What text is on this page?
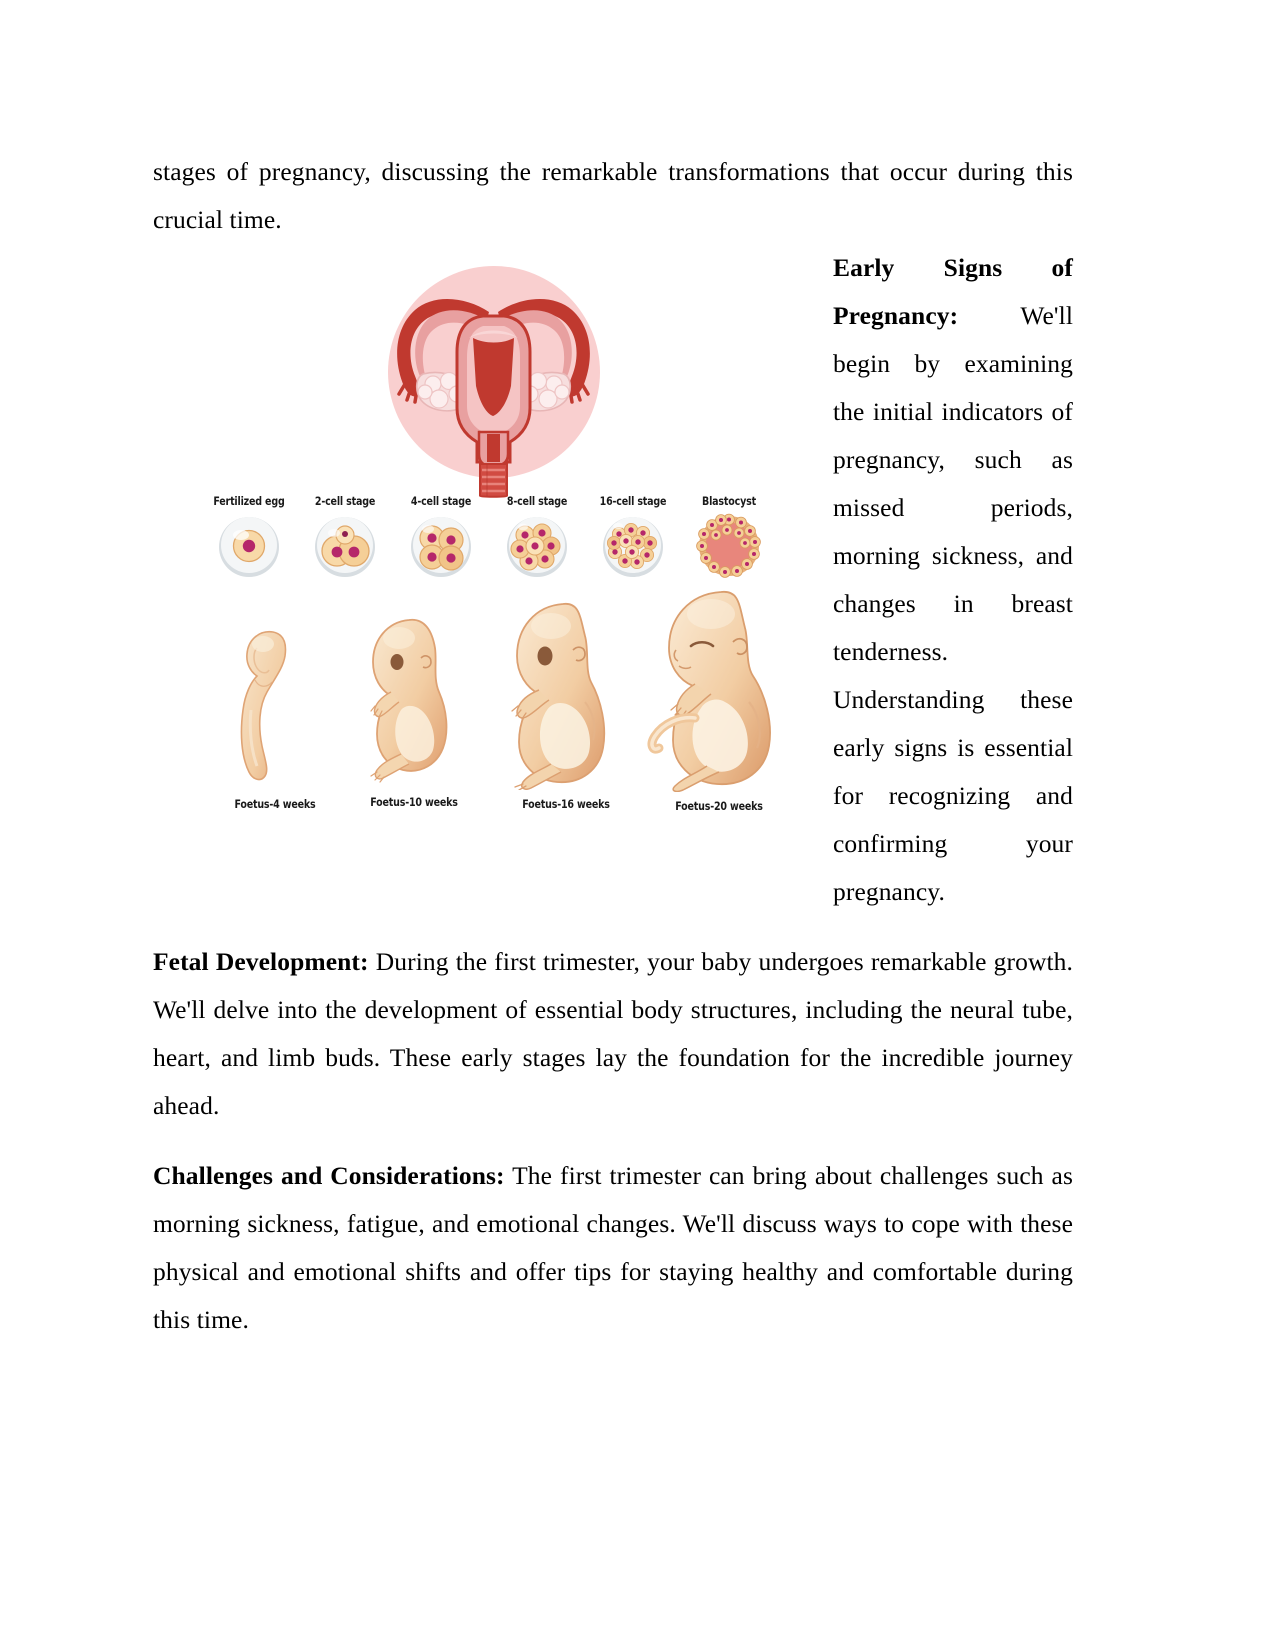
stages of pregnancy, discussing the remarkable transformations that occur during this crucial time.

Fertilized egg	2-cell stage	4-cell stage	8-cell stage	16-cell stage	Blastocyst
Foetus-4 weeks	Foetus-10 weeks	Foetus-16 weeks	Foetus-20 weeks

Early Signs of Pregnancy: We'll begin by examining the initial indicators of pregnancy, such as missed periods, morning sickness, and changes in breast tenderness. Understanding these early signs is essential for recognizing and confirming your pregnancy.

Fetal Development: During the first trimester, your baby undergoes remarkable growth. We'll delve into the development of essential body structures, including the neural tube, heart, and limb buds. These early stages lay the foundation for the incredible journey ahead.

Challenges and Considerations: The first trimester can bring about challenges such as morning sickness, fatigue, and emotional changes. We'll discuss ways to cope with these physical and emotional shifts and offer tips for staying healthy and comfortable during this time.
